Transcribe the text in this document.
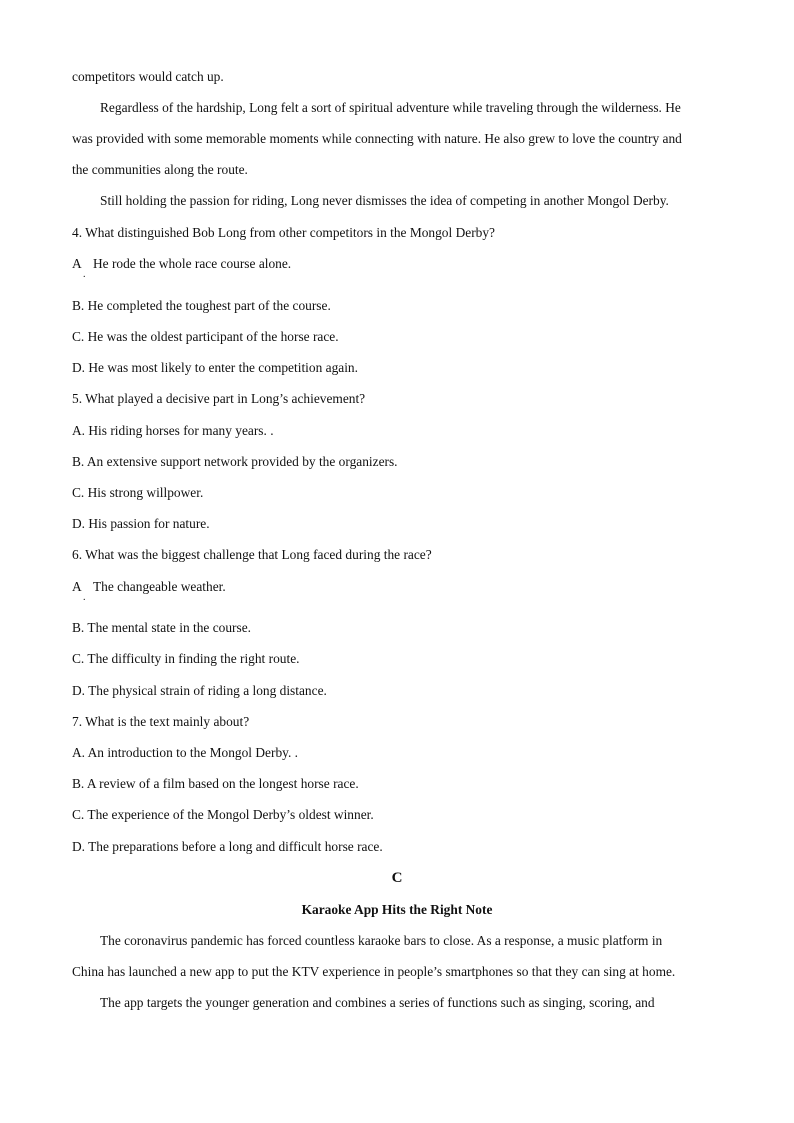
competitors would catch up.
Regardless of the hardship, Long felt a sort of spiritual adventure while traveling through the wilderness. He
was provided with some memorable moments while connecting with nature. He also grew to love the country and
the communities along the route.
Still holding the passion for riding, Long never dismisses the idea of competing in another Mongol Derby.
4. What distinguished Bob Long from other competitors in the Mongol Derby?
A He rode the whole race course alone.
.
B. He completed the toughest part of the course.
C. He was the oldest participant of the horse race.
D. He was most likely to enter the competition again.
5. What played a decisive part in Long’s achievement?
A. His riding horses for many years. .
B. An extensive support network provided by the organizers.
C. His strong willpower.
D. His passion for nature.
6. What was the biggest challenge that Long faced during the race?
A The changeable weather.
.
B. The mental state in the course.
C. The difficulty in finding the right route.
D. The physical strain of riding a long distance.
7. What is the text mainly about?
A. An introduction to the Mongol Derby. .
B. A review of a film based on the longest horse race.
C. The experience of the Mongol Derby’s oldest winner.
D. The preparations before a long and difficult horse race.
C
Karaoke App Hits the Right Note
The coronavirus pandemic has forced countless karaoke bars to close. As a response, a music platform in
China has launched a new app to put the KTV experience in people’s smartphones so that they can sing at home.
The app targets the younger generation and combines a series of functions such as singing, scoring, and
